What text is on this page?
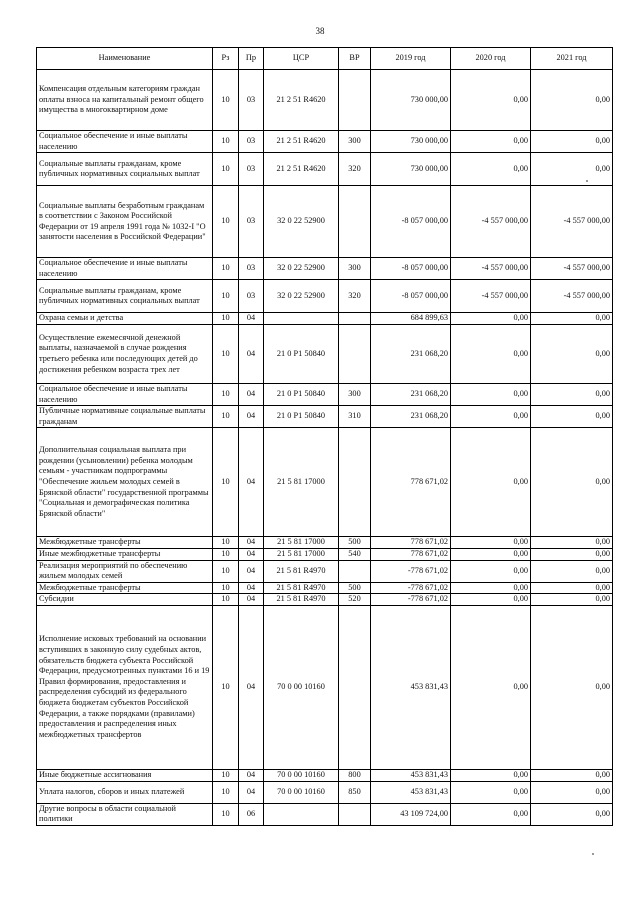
38
Наименование	Рз	Пр	ЦСР	ВР	2019 год	2020 год	2021 год
Компенсация отдельным категориям граждан оплаты взноса на капитальный ремонт общего имущества в многоквартирном доме	10	03	21 2 51 R4620		730 000,00	0,00	0,00
Социальное обеспечение и иные выплаты населению	10	03	21 2 51 R4620	300	730 000,00	0,00	0,00
Социальные выплаты гражданам, кроме публичных нормативных социальных выплат	10	03	21 2 51 R4620	320	730 000,00	0,00	0,00
Социальные выплаты безработным гражданам в соответствии с Законом Российской Федерации от 19 апреля 1991 года № 1032-I "О занятости населения в Российской Федерации"	10	03	32 0 22 52900		-8 057 000,00	-4 557 000,00	-4 557 000,00
Социальное обеспечение и иные выплаты населению	10	03	32 0 22 52900	300	-8 057 000,00	-4 557 000,00	-4 557 000,00
Социальные выплаты гражданам, кроме публичных нормативных социальных выплат	10	03	32 0 22 52900	320	-8 057 000,00	-4 557 000,00	-4 557 000,00
Охрана семьи и детства	10	04			684 899,63	0,00	0,00
Осуществление ежемесячной денежной выплаты, назначаемой в случае рождения третьего ребенка или последующих детей до достижения ребенком возраста трех лет	10	04	21 0 P1 50840		231 068,20	0,00	0,00
Социальное обеспечение и иные выплаты населению	10	04	21 0 P1 50840	300	231 068,20	0,00	0,00
Публичные нормативные социальные выплаты гражданам	10	04	21 0 P1 50840	310	231 068,20	0,00	0,00
Дополнительная социальная выплата при рождении (усыновлении) ребенка молодым семьям - участникам подпрограммы "Обеспечение жильем молодых семей в Брянской области" государственной программы "Социальная и демографическая политика Брянской области"	10	04	21 5 81 17000		778 671,02	0,00	0,00
Межбюджетные трансферты	10	04	21 5 81 17000	500	778 671,02	0,00	0,00
Иные межбюджетные трансферты	10	04	21 5 81 17000	540	778 671,02	0,00	0,00
Реализация мероприятий по обеспечению жильем молодых семей	10	04	21 5 81 R4970		-778 671,02	0,00	0,00
Межбюджетные трансферты	10	04	21 5 81 R4970	500	-778 671,02	0,00	0,00
Субсидии	10	04	21 5 81 R4970	520	-778 671,02	0,00	0,00
Исполнение исковых требований на основании вступивших в законную силу судебных актов, обязательств бюджета субъекта Российской Федерации, предусмотренных пунктами 16 и 19 Правил формирования, предоставления и распределения субсидий из федерального бюджета бюджетам субъектов Российской Федерации, а также порядками (правилами) предоставления и распределения иных межбюджетных трансфертов	10	04	70 0 00 10160		453 831,43	0,00	0,00
Иные бюджетные ассигнования	10	04	70 0 00 10160	800	453 831,43	0,00	0,00
Уплата налогов, сборов и иных платежей	10	04	70 0 00 10160	850	453 831,43	0,00	0,00
Другие вопросы в области социальной политики	10	06			43 109 724,00	0,00	0,00
